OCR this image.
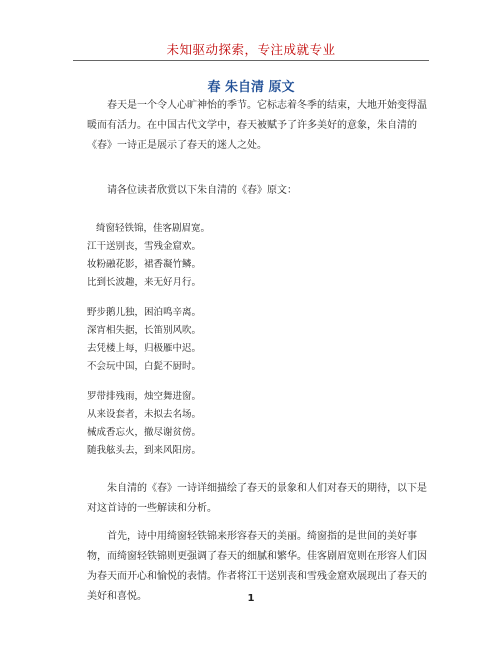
未知驱动探索，专注成就专业
春 朱自清 原文

春天是一个令人心旷神怡的季节。它标志着冬季的结束，大地开始变得温暖而有活力。在中国古代文学中，春天被赋予了许多美好的意象，朱自清的《春》一诗正是展示了春天的迷人之处。

请各位读者欣赏以下朱自清的《春》原文：

绮窗轻铁锦，佳客剧眉宽。
江干送别丧，雪残金窟欢。
妆粉融花影，裙香凝竹鳞。
比到长波趣，来无好月行。
野步鹅儿独，困泊鸣辛离。
深宵相失据，长笛别风吹。
去凭楼上每，归极雁中迟。
不会玩中国，白髭不厨时。
罗带排残雨，烛空舞进窗。
从来设套者，未拟去名场。
械成香忘火，撤尽谢贫傍。
随我舷头去，到来风阳房。

朱自清的《春》一诗详细描绘了春天的景象和人们对春天的期待，以下是对这首诗的一些解读和分析。

首先，诗中用绮窗轻铁锦来形容春天的美丽。绮窗指的是世间的美好事物，而绮窗轻铁锦则更强调了春天的细腻和繁华。佳客剧眉宽则在形容人们因为春天而开心和愉悦的表情。作者将江干送别丧和雪残金窟欢展现出了春天的美好和喜悦。	1
